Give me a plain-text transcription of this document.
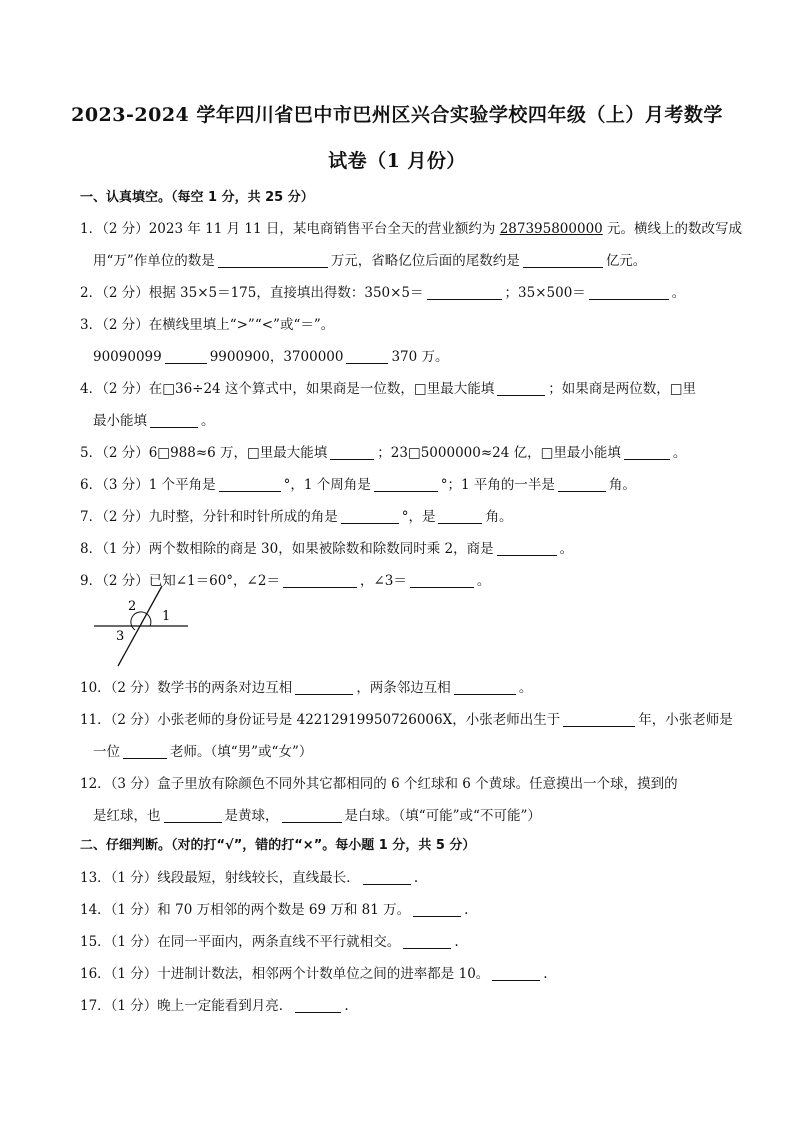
2023-2024 学年四川省巴中市巴州区兴合实验学校四年级（上）月考数学
试卷（1 月份）
一、认真填空。（每空 1 分，共 25 分）
1．（2 分）2023 年 11 月 11 日，某电商销售平台全天的营业额约为 287395800000 元。横线上的数改写成
用“万”作单位的数是	万元，省略亿位后面的尾数约是	亿元。
2．（2 分）根据 35×5＝175，直接填出得数：350×5＝	；35×500＝	。
3．（2 分）在横线里填上“>”“<”或“＝”。
90090099	9900900，3700000	370 万。
4．（2 分）在□36÷24 这个算式中，如果商是一位数，□里最大能填	；如果商是两位数，□里
最小能填	。
5．（2 分）6□988≈6 万，□里最大能填	；23□5000000≈24 亿，□里最小能填	。
6．（3 分）1 个平角是	°，1 个周角是	°；1 平角的一半是	角。
7．（2 分）九时整，分针和时针所成的角是	°，是	角。
8．（1 分）两个数相除的商是 30，如果被除数和除数同时乘 2，商是	。
9．（2 分）已知∠1＝60°，∠2＝	，∠3＝	。
2
1
3
10．（2 分）数学书的两条对边互相	，两条邻边互相	。
11．（2 分）小张老师的身份证号是 42212919950726006X，小张老师出生于	年，小张老师是
一位	老师。（填“男”或“女”）
12．（3 分）盒子里放有除颜色不同外其它都相同的 6 个红球和 6 个黄球。任意摸出一个球，摸到的
是红球，也	是黄球，	是白球。（填“可能”或“不可能”）
二、仔细判断。（对的打“√”，错的打“×”。每小题 1 分，共 5 分）
13．（1 分）线段最短，射线较长，直线最长．	.
14．（1 分）和 70 万相邻的两个数是 69 万和 81 万。	.
15．（1 分）在同一平面内，两条直线不平行就相交。	.
16．（1 分）十进制计数法，相邻两个计数单位之间的进率都是 10。	.
17．（1 分）晚上一定能看到月亮．	.
